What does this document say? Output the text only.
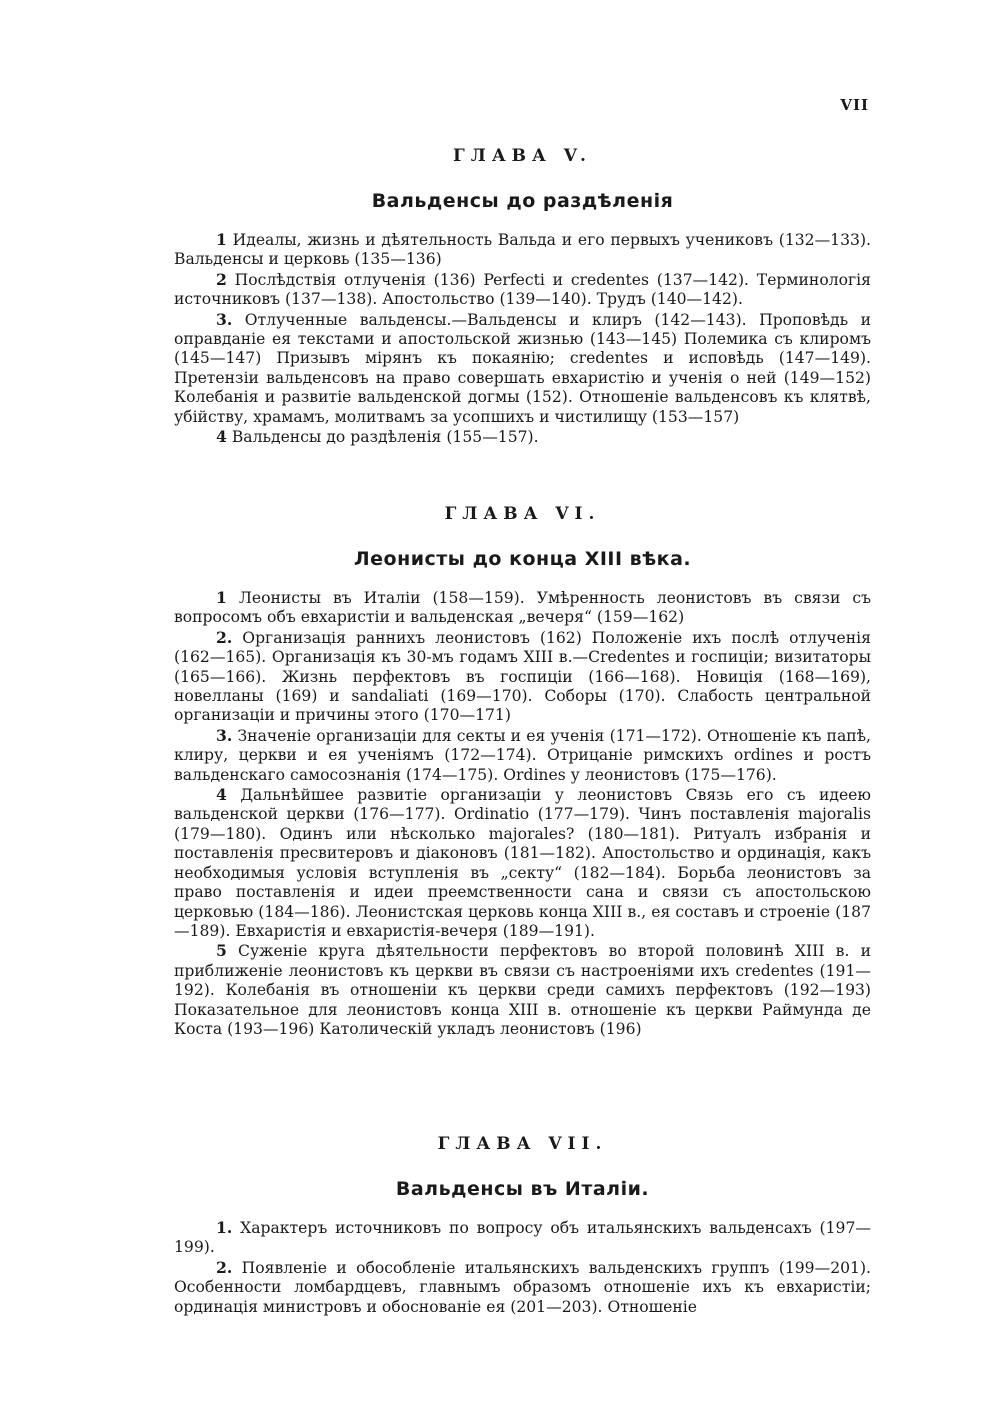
VII
ГЛАВА V.
Вальденсы до раздѣленія

1 Идеалы, жизнь и дѣятельность Вальда и его первыхъ учениковъ (132—133). Вальденсы и церковь (135—136)

2 Послѣдствія отлученія (136) Perfecti и credentes (137—142). Терминологія источниковъ (137—138). Апостольство (139—140). Трудъ (140—142).

3. Отлученные вальденсы.—Вальденсы и клиръ (142—143). Проповѣдь и оправданіе ея текстами и апостольской жизнью (143—145) Полемика съ клиромъ (145—147) Призывъ мірянъ къ покаянію; credentes и исповѣдь (147—149). Претензіи вальденсовъ на право совершать евхаристію и ученія о ней (149—152) Колебанія и развитіе вальденской догмы (152). Отношеніе вальденсовъ къ клятвѣ, убійству, храмамъ, молитвамъ за усопшихъ и чистилищу (153—157)

4 Вальденсы до раздѣленія (155—157).

ГЛАВА VI.
Леонисты до конца XIII вѣка.

1 Леонисты въ Италіи (158—159). Умѣренность леонистовъ въ связи съ вопросомъ объ евхаристіи и вальденская „вечеря“ (159—162)

2. Организація раннихъ леонистовъ (162) Положеніе ихъ послѣ отлученія (162—165). Организація къ 30-мъ годамъ XIII в.—Credentes и госпиціи; визитаторы (165—166). Жизнь перфектовъ въ госпиціи (166—168). Новиція (168—169), новелланы (169) и sandaliati (169—170). Соборы (170). Слабость центральной организаціи и причины этого (170—171)

3. Значеніе организаціи для секты и ея ученія (171—172). Отношеніе къ папѣ, клиру, церкви и ея ученіямъ (172—174). Отрицаніе римскихъ ordines и ростъ вальденскаго самосознанія (174—175). Ordines у леонистовъ (175—176).

4 Дальнѣйшее развитіе организаціи у леонистовъ Связь его съ идеею вальденской церкви (176—177). Ordinatio (177—179). Чинъ поставленія majoralis (179—180). Одинъ или нѣсколько majorales? (180—181). Ритуалъ избранія и поставленія пресвитеровъ и діаконовъ (181—182). Апостольство и ординація, какъ необходимыя условія вступленія въ „секту“ (182—184). Борьба леонистовъ за право поставленія и идеи преемственности сана и связи съ апостольскою церковью (184—186). Леонистская церковь конца XIII в., ея составъ и строеніе (187—189). Евхаристія и евхаристія-вечеря (189—191).

5 Суженіе круга дѣятельности перфектовъ во второй половинѣ XIII в. и приближеніе леонистовъ къ церкви въ связи съ настроеніями ихъ credentes (191—192). Колебанія въ отношеніи къ церкви среди самихъ перфектовъ (192—193) Показательное для леонистовъ конца XIII в. отношеніе къ церкви Раймунда де Коста (193—196) Католическій укладъ леонистовъ (196)

ГЛАВА VII.
Вальденсы въ Италіи.

1. Характеръ источниковъ по вопросу объ итальянскихъ вальденсахъ (197—199).

2. Появленіе и обособленіе итальянскихъ вальденскихъ группъ (199—201). Особенности ломбардцевъ, главнымъ образомъ отношеніе ихъ къ евхаристіи; ординація министровъ и обоснованіе ея (201—203). Отношеніе
